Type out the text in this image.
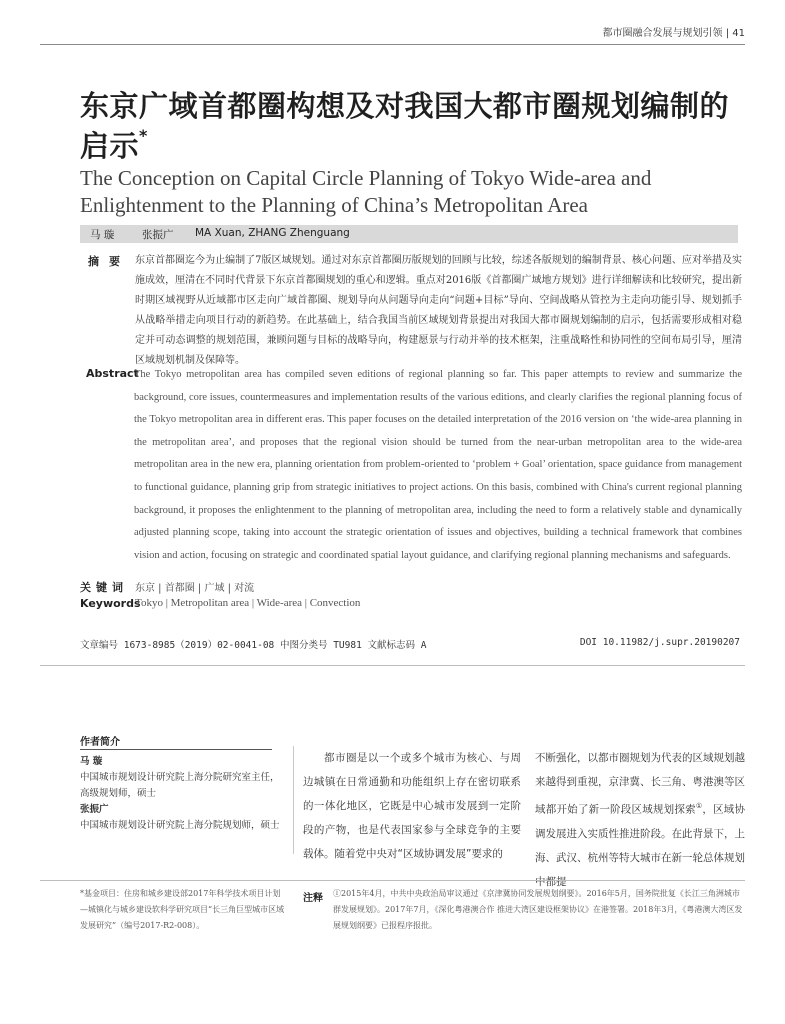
都市圈融合发展与规划引领 | 41
东京广域首都圈构想及对我国大都市圈规划编制的启示*
The Conception on Capital Circle Planning of Tokyo Wide-area and Enlightenment to the Planning of China’s Metropolitan Area
马 璇	张振广 MA Xuan, ZHANG Zhenguang
摘要 东京首都圈迄今为止编制了7版区域规划。通过对东京首都圈历版规划的回顾与比较，综述各版规划的编制背景、核心问题、应对举措及实施成效，厘清在不同时代背景下东京首都圈规划的重心和逻辑。重点对2016版《首都圈广域地方规划》进行详细解读和比较研究，提出新时期区域视野从近域都市区走向广域首都圈、规划导向从问题导向走向“问题+目标”导向、空间战略从管控为主走向功能引导、规划抓手从战略举措走向项目行动的新趋势。在此基础上，结合我国当前区域规划背景提出对我国大都市圈规划编制的启示，包括需要形成相对稳定并可动态调整的规划范围，兼顾问题与目标的战略导向，构建愿景与行动并举的技术框架，注重战略性和协同性的空间布局引导，厘清区域规划机制及保障等。
Abstract
The Tokyo metropolitan area has compiled seven editions of regional planning so far. This paper attempts to review and summarize the background, core issues, countermeasures and implementation results of the various editions, and clearly clarifies the regional planning focus of the Tokyo metropolitan area in different eras. This paper focuses on the detailed interpretation of the 2016 version on ‘the wide-area planning in the metropolitan area’, and proposes that the regional vision should be turned from the near-urban metropolitan area to the wide-area metropolitan area in the new era, planning orientation from problem-oriented to ‘problem + Goal’ orientation, space guidance from management to functional guidance, planning grip from strategic initiatives to project actions. On this basis, combined with China's current regional planning background, it proposes the enlightenment to the planning of metropolitan area, including the need to form a relatively stable and dynamically adjusted planning scope, taking into account the strategic orientation of issues and objectives, building a technical framework that combines vision and action, focusing on strategic and coordinated spatial layout guidance, and clarifying regional planning mechanisms and safeguards.
关键词 东京 | 首都圈 | 广域 | 对流
Keywords
Tokyo | Metropolitan area | Wide-area | Convection
文章编号 1673-8985（2019）02-0041-08 中图分类号 TU981 文献标志码 A	DOI 10.11982/j.supr.20190207
作者简介
马 璇
中国城市规划设计研究院上海分院研究室主任，高级规划师，硕士
张振广
中国城市规划设计研究院上海分院规划师，硕士
都市圈是以一个或多个城市为核心、与周边城镇在日常通勤和功能组织上存在密切联系的一体化地区，它既是中心城市发展到一定阶段的产物，也是代表国家参与全球竞争的主要载体。随着党中央对“区域协调发展”要求的
不断强化，以都市圈规划为代表的区域规划越来越得到重视，京津冀、长三角、粤港澳等区域都开始了新一阶段区域规划探索①，区域协调发展进入实质性推进阶段。在此背景下，上海、武汉、杭州等特大城市在新一轮总体规划中都提
*基金项目：住房和城乡建设部2017年科学技术项目计划—城镇化与城乡建设软科学研究项目“长三角巨型城市区域发展研究”（编号2017-R2-008）。
注释 ①2015年4月，中共中央政治局审议通过《京津冀协同发展规划纲要》。2016年5月，国务院批复《长江三角洲城市群发展规划》。2017年7月，《深化粤港澳合作 推进大湾区建设框架协议》在港签署。2018年3月，《粤港澳大湾区发展规划纲要》已报程序报批。
